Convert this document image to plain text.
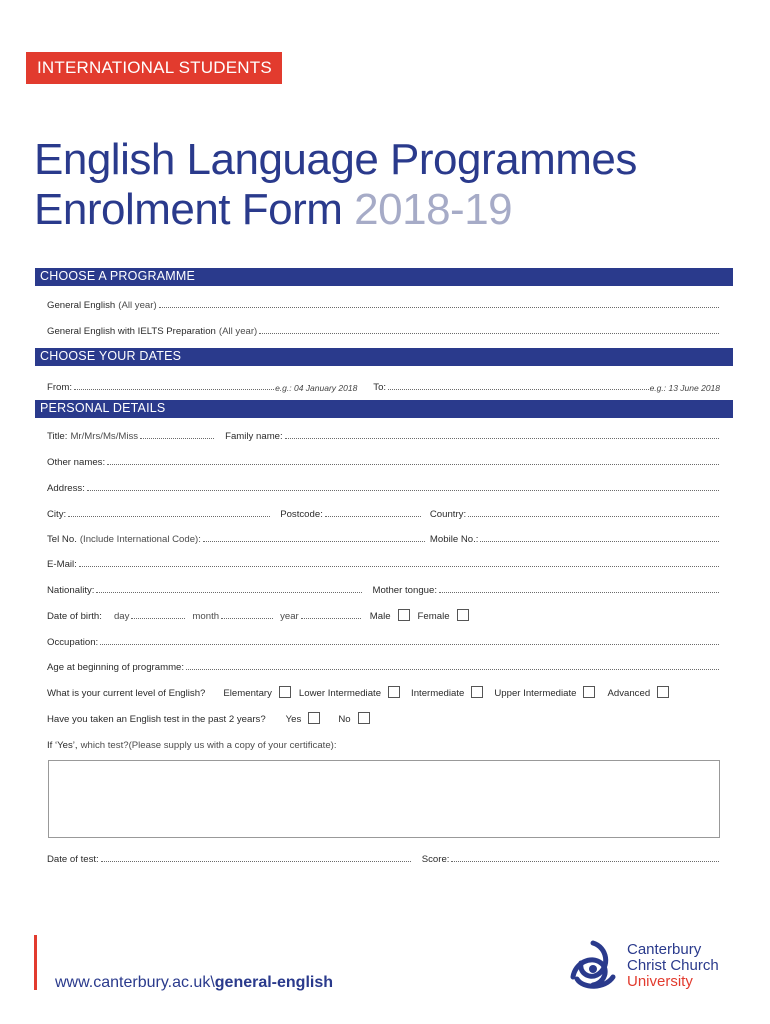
INTERNATIONAL STUDENTS
English Language Programmes
Enrolment Form 2018-19
CHOOSE A PROGRAMME
General English (All year)
General English with IELTS Preparation (All year)
CHOOSE YOUR DATES
From:	e.g.: 04 January 2018 To:	e.g.: 13 June 2018
PERSONAL DETAILS
Title: Mr/Mrs/Ms/Miss	Family name:
Other names:
Address:
City:	Postcode:	Country:
Tel No. (Include International Code):	Mobile No.:
E-Mail:
Nationality:	Mother tongue:
Date of birth: day	month	year	Male	Female
Occupation:
Age at beginning of programme:
What is your current level of English? Elementary	Lower Intermediate	Intermediate	Upper Intermediate	Advanced
Have you taken an English test in the past 2 years? Yes	No
If ‘Yes’, which test?(Please supply us with a copy of your certificate):
Date of test:	Score:
www.canterbury.ac.uk\general-english
Canterbury
Christ Church
University
